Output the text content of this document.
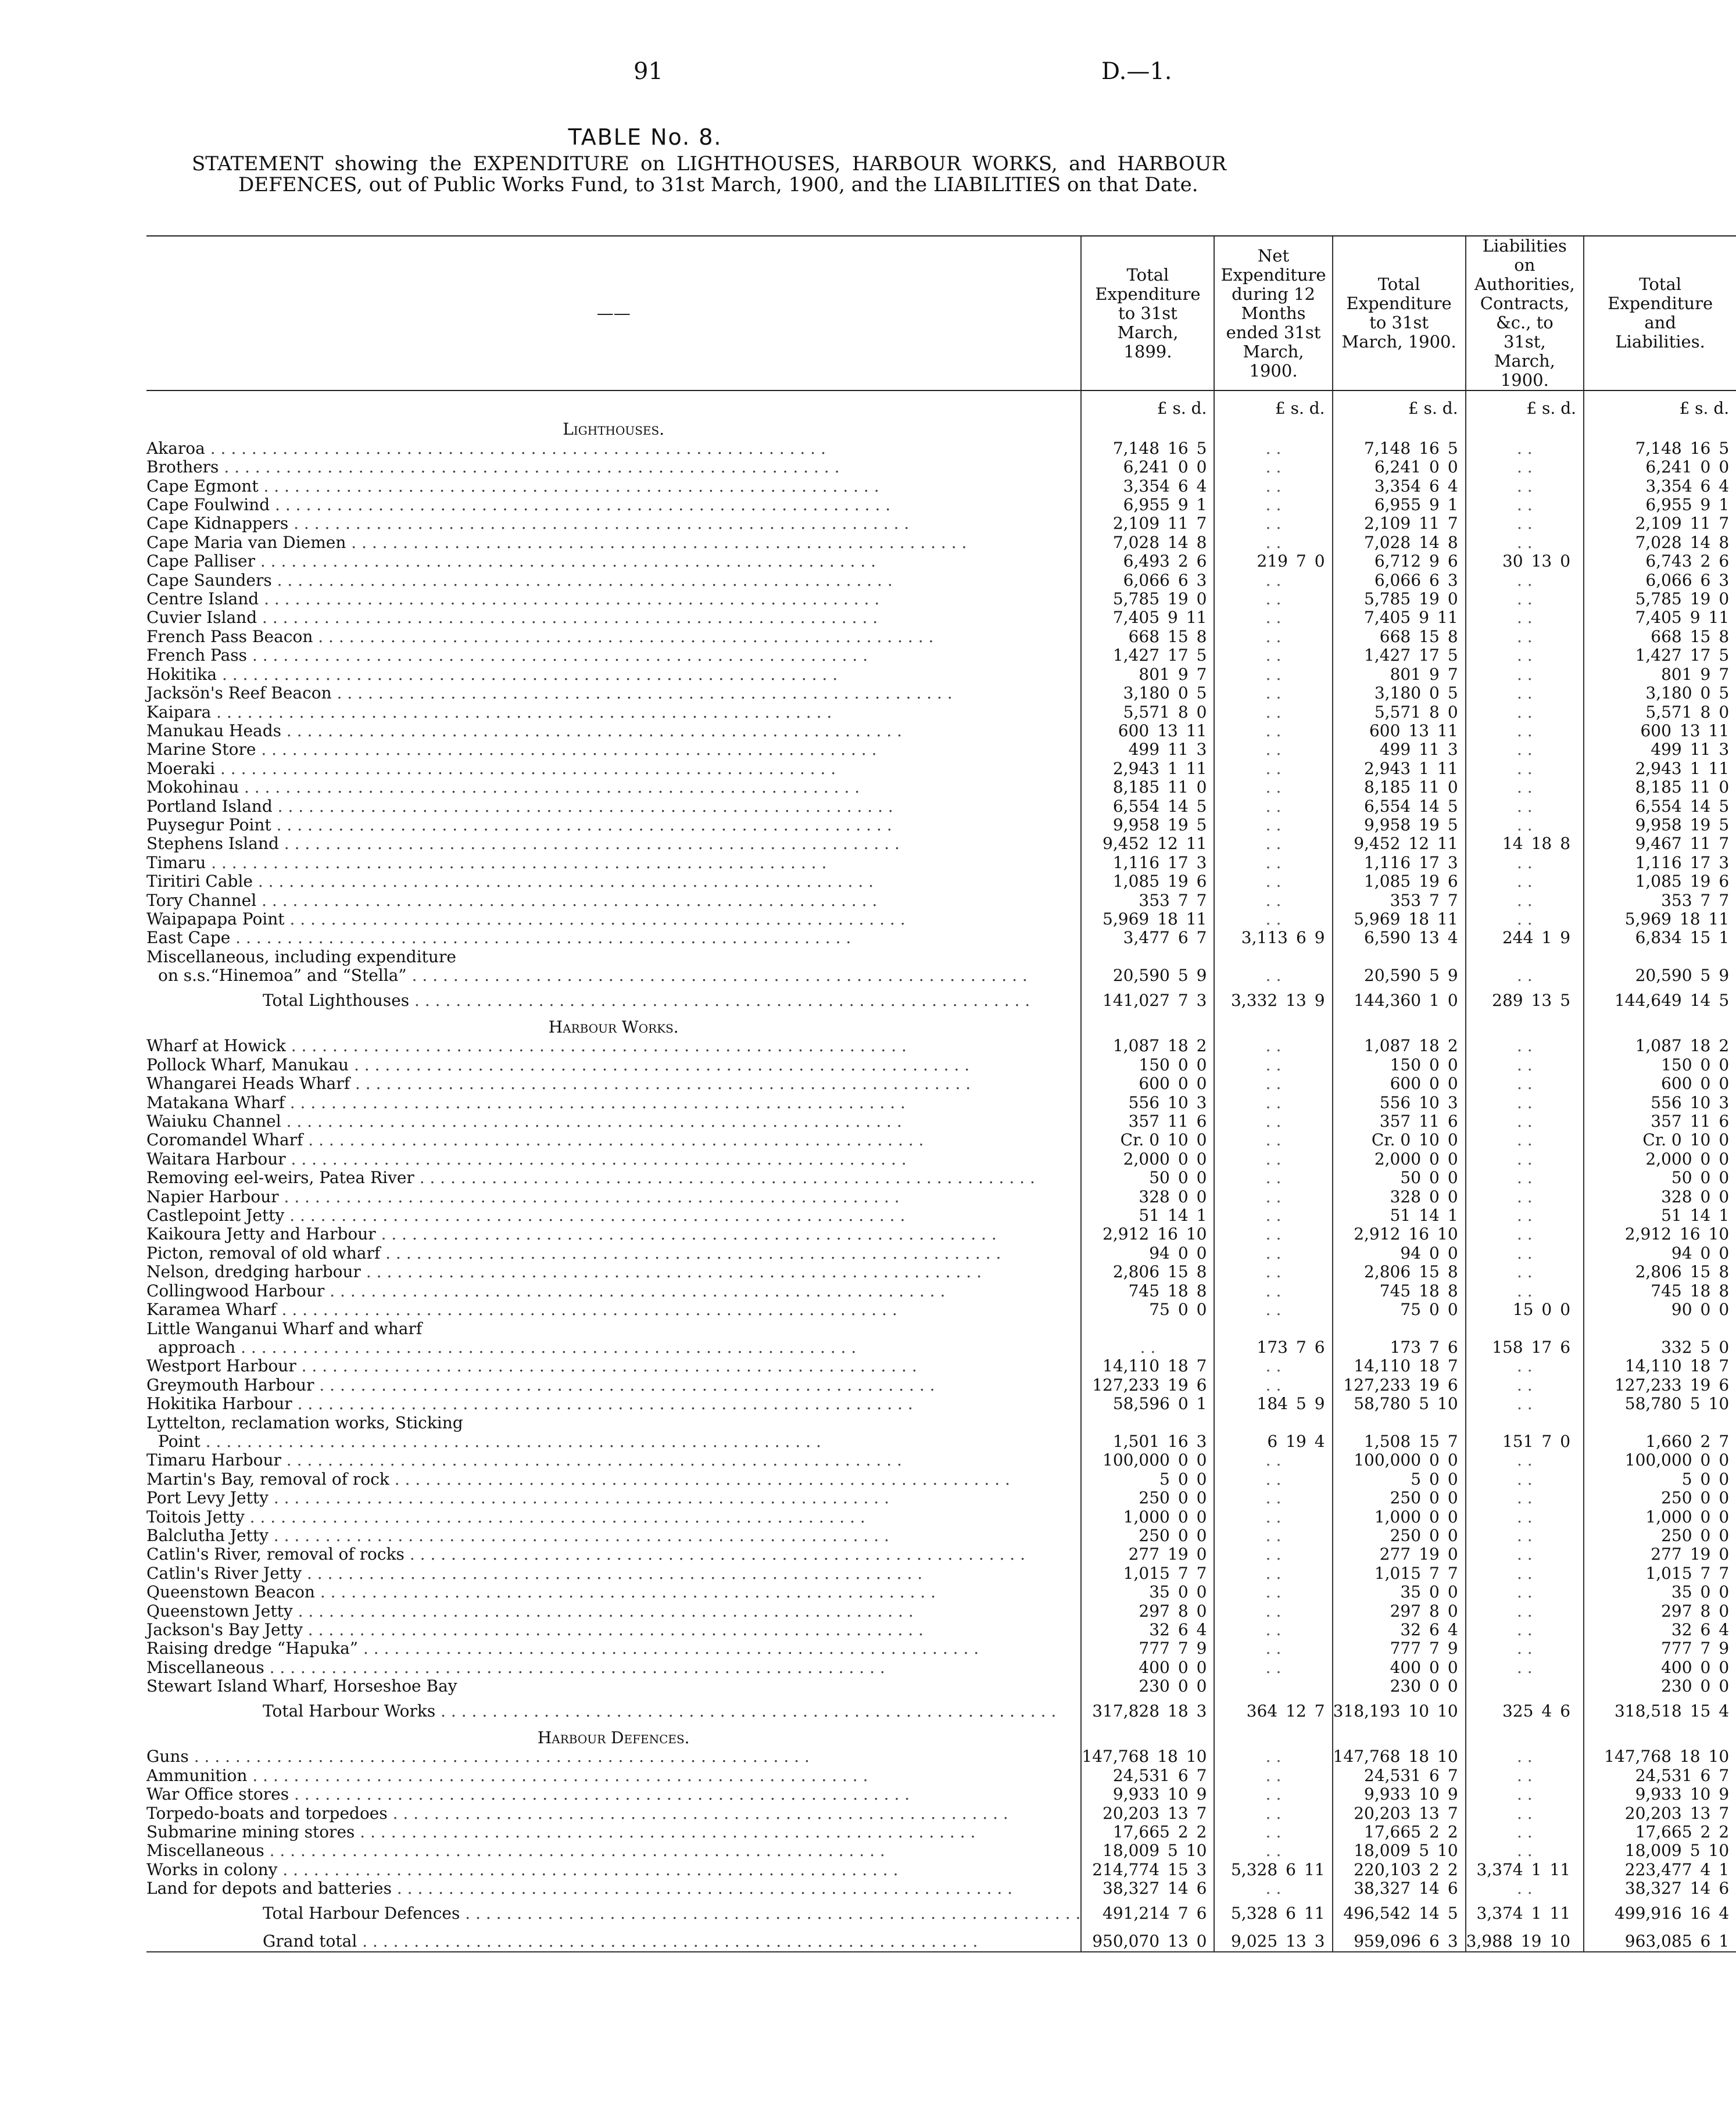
91	D.—1.
TABLE No. 8.
STATEMENT showing the EXPENDITURE on LIGHTHOUSES, HARBOUR WORKS, and HARBOUR DEFENCES, out of Public Works Fund, to 31st March, 1900, and the LIABILITIES on that Date.
——	Total Expenditure to 31st March, 1899.	Net Expenditure during 12 Months ended 31st March, 1900.	Total Expenditure to 31st March, 1900.	Liabilities on Authorities, Contracts, &c., to 31st, March, 1900.	Total Expenditure and Liabilities.
	£ s. d.	£ s. d.	£ s. d.	£ s. d.	£ s. d.
Lighthouses.					
Akaroa . . .	7,148 16 5	. .	7,148 16 5	. .	7,148 16 5
Brothers . . .	6,241 0 0	. .	6,241 0 0	. .	6,241 0 0
Cape Egmont . . .	3,354 6 4	. .	3,354 6 4	. .	3,354 6 4
Cape Foulwind . . .	6,955 9 1	. .	6,955 9 1	. .	6,955 9 1
Cape Kidnappers . . .	2,109 11 7	. .	2,109 11 7	. .	2,109 11 7
Cape Maria van Diemen . . .	7,028 14 8	. .	7,028 14 8	. .	7,028 14 8
Cape Palliser . . .	6,493 2 6	219 7 0	6,712 9 6	30 13 0	6,743 2 6
Cape Saunders . . .	6,066 6 3	. .	6,066 6 3	. .	6,066 6 3
Centre Island . . .	5,785 19 0	. .	5,785 19 0	. .	5,785 19 0
Cuvier Island . . .	7,405 9 11	. .	7,405 9 11	. .	7,405 9 11
French Pass Beacon . . .	668 15 8	. .	668 15 8	. .	668 15 8
French Pass . . .	1,427 17 5	. .	1,427 17 5	. .	1,427 17 5
Hokitika . . .	801 9 7	. .	801 9 7	. .	801 9 7
Jacksön's Reef Beacon . . .	3,180 0 5	. .	3,180 0 5	. .	3,180 0 5
Kaipara . . .	5,571 8 0	. .	5,571 8 0	. .	5,571 8 0
Manukau Heads . . .	600 13 11	. .	600 13 11	. .	600 13 11
Marine Store . . .	499 11 3	. .	499 11 3	. .	499 11 3
Moeraki . . .	2,943 1 11	. .	2,943 1 11	. .	2,943 1 11
Mokohinau . . .	8,185 11 0	. .	8,185 11 0	. .	8,185 11 0
Portland Island . . .	6,554 14 5	. .	6,554 14 5	. .	6,554 14 5
Puysegur Point . . .	9,958 19 5	. .	9,958 19 5	. .	9,958 19 5
Stephens Island . . .	9,452 12 11	. .	9,452 12 11	14 18 8	9,467 11 7
Timaru . . .	1,116 17 3	. .	1,116 17 3	. .	1,116 17 3
Tiritiri Cable . . .	1,085 19 6	. .	1,085 19 6	. .	1,085 19 6
Tory Channel . . .	353 7 7	. .	353 7 7	. .	353 7 7
Waipapapa Point . . .	5,969 18 11	. .	5,969 18 11	. .	5,969 18 11
East Cape . . .	3,477 6 7	3,113 6 9	6,590 13 4	244 1 9	6,834 15 1
Miscellaneous, including expenditure					
on s.s.“Hinemoa” and “Stella” . . .	20,590 5 9	. .	20,590 5 9	. .	20,590 5 9
Total Lighthouses . . .	141,027 7 3	3,332 13 9	144,360 1 0	289 13 5	144,649 14 5
Harbour Works.					
Wharf at Howick . . .	1,087 18 2	. .	1,087 18 2	. .	1,087 18 2
Pollock Wharf, Manukau . . .	150 0 0	. .	150 0 0	. .	150 0 0
Whangarei Heads Wharf . . .	600 0 0	. .	600 0 0	. .	600 0 0
Matakana Wharf . . .	556 10 3	. .	556 10 3	. .	556 10 3
Waiuku Channel . . .	357 11 6	. .	357 11 6	. .	357 11 6
Coromandel Wharf . . .	Cr. 0 10 0	. .	Cr. 0 10 0	. .	Cr. 0 10 0
Waitara Harbour . . .	2,000 0 0	. .	2,000 0 0	. .	2,000 0 0
Removing eel-weirs, Patea River . . .	50 0 0	. .	50 0 0	. .	50 0 0
Napier Harbour . . .	328 0 0	. .	328 0 0	. .	328 0 0
Castlepoint Jetty . . .	51 14 1	. .	51 14 1	. .	51 14 1
Kaikoura Jetty and Harbour . . .	2,912 16 10	. .	2,912 16 10	. .	2,912 16 10
Picton, removal of old wharf . . .	94 0 0	. .	94 0 0	. .	94 0 0
Nelson, dredging harbour . . .	2,806 15 8	. .	2,806 15 8	. .	2,806 15 8
Collingwood Harbour . . .	745 18 8	. .	745 18 8	. .	745 18 8
Karamea Wharf . . .	75 0 0	. .	75 0 0	15 0 0	90 0 0
Little Wanganui Wharf and wharf					
approach . . .	. .	173 7 6	173 7 6	158 17 6	332 5 0
Westport Harbour . . .	14,110 18 7	. .	14,110 18 7	. .	14,110 18 7
Greymouth Harbour . . .	127,233 19 6	. .	127,233 19 6	. .	127,233 19 6
Hokitika Harbour . . .	58,596 0 1	184 5 9	58,780 5 10	. .	58,780 5 10
Lyttelton, reclamation works, Sticking					
Point . . .	1,501 16 3	6 19 4	1,508 15 7	151 7 0	1,660 2 7
Timaru Harbour . . .	100,000 0 0	. .	100,000 0 0	. .	100,000 0 0
Martin's Bay, removal of rock . . .	5 0 0	. .	5 0 0	. .	5 0 0
Port Levy Jetty . . .	250 0 0	. .	250 0 0	. .	250 0 0
Toitois Jetty . . .	1,000 0 0	. .	1,000 0 0	. .	1,000 0 0
Balclutha Jetty . . .	250 0 0	. .	250 0 0	. .	250 0 0
Catlin's River, removal of rocks . . .	277 19 0	. .	277 19 0	. .	277 19 0
Catlin's River Jetty . . .	1,015 7 7	. .	1,015 7 7	. .	1,015 7 7
Queenstown Beacon . . .	35 0 0	. .	35 0 0	. .	35 0 0
Queenstown Jetty . . .	297 8 0	. .	297 8 0	. .	297 8 0
Jackson's Bay Jetty . . .	32 6 4	. .	32 6 4	. .	32 6 4
Raising dredge “Hapuka” . . .	777 7 9	. .	777 7 9	. .	777 7 9
Miscellaneous . . .	400 0 0	. .	400 0 0	. .	400 0 0
Stewart Island Wharf, Horseshoe Bay	230 0 0		230 0 0		230 0 0
Total Harbour Works . . .	317,828 18 3	364 12 7	318,193 10 10	325 4 6	318,518 15 4
Harbour Defences.					
Guns . . .	147,768 18 10	. .	147,768 18 10	. .	147,768 18 10
Ammunition . . .	24,531 6 7	. .	24,531 6 7	. .	24,531 6 7
War Office stores . . .	9,933 10 9	. .	9,933 10 9	. .	9,933 10 9
Torpedo-boats and torpedoes . . .	20,203 13 7	. .	20,203 13 7	. .	20,203 13 7
Submarine mining stores . . .	17,665 2 2	. .	17,665 2 2	. .	17,665 2 2
Miscellaneous . . .	18,009 5 10	. .	18,009 5 10	. .	18,009 5 10
Works in colony . . .	214,774 15 3	5,328 6 11	220,103 2 2	3,374 1 11	223,477 4 1
Land for depots and batteries . . .	38,327 14 6	. .	38,327 14 6	. .	38,327 14 6
Total Harbour Defences . . .	491,214 7 6	5,328 6 11	496,542 14 5	3,374 1 11	499,916 16 4
Grand total . . .	950,070 13 0	9,025 13 3	959,096 6 3	3,988 19 10	963,085 6 1
